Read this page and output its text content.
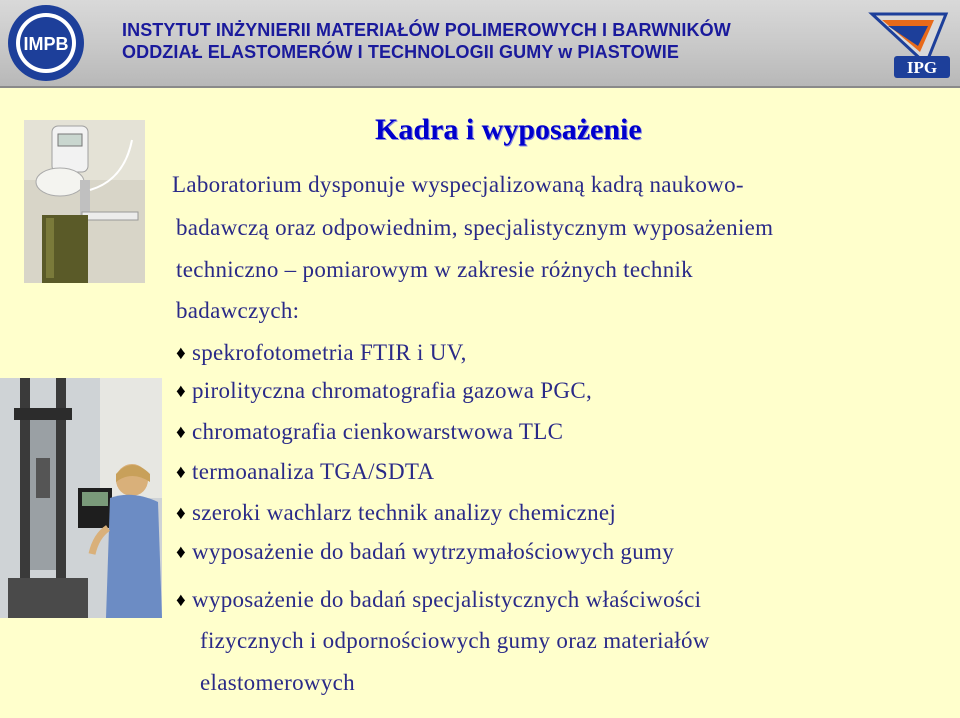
IMPB
INSTYTUT INŻYNIERII MATERIAŁÓW POLIMEROWYCH I BARWNIKÓW
ODDZIAŁ ELASTOMERÓW I TECHNOLOGII GUMY w PIASTOWIE
IPG
Kadra i wyposażenie
Laboratorium dysponuje wyspecjalizowaną kadrą naukowo-
badawczą oraz odpowiednim, specjalistycznym wyposażeniem
techniczno – pomiarowym w zakresie różnych technik
badawczych:
♦ spekrofotometria FTIR i UV,
♦ pirolityczna chromatografia gazowa PGC,
♦ chromatografia cienkowarstwowa TLC
♦ termoanaliza TGA/SDTA
♦ szeroki wachlarz technik analizy chemicznej
♦ wyposażenie do badań wytrzymałościowych gumy
♦ wyposażenie do badań specjalistycznych właściwości
fizycznych i odpornościowych gumy oraz materiałów
elastomerowych
